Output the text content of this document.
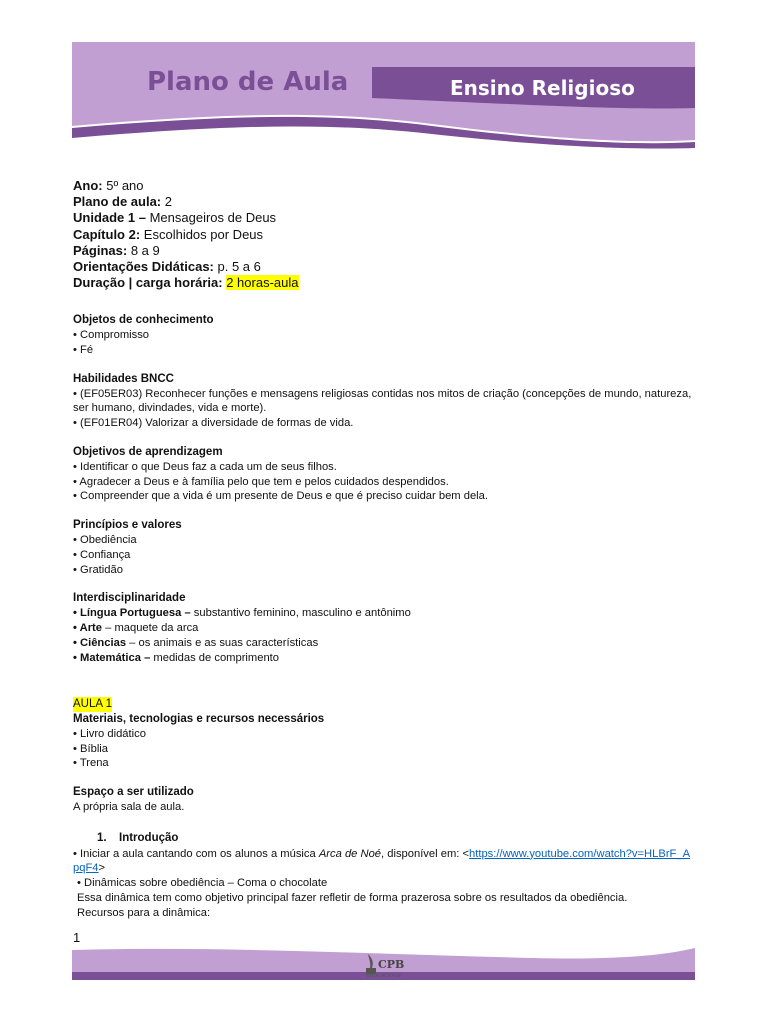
Plano de Aula	Ensino Religioso
Ano: 5º ano
Plano de aula: 2
Unidade 1 – Mensageiros de Deus
Capítulo 2: Escolhidos por Deus
Páginas: 8 a 9
Orientações Didáticas: p. 5 a 6
Duração | carga horária: 2 horas-aula
Objetos de conhecimento
• Compromisso
• Fé
Habilidades BNCC
• (EF05ER03) Reconhecer funções e mensagens religiosas contidas nos mitos de criação (concepções de mundo, natureza, ser humano, divindades, vida e morte).
• (EF01ER04) Valorizar a diversidade de formas de vida.
Objetivos de aprendizagem
• Identificar o que Deus faz a cada um de seus filhos.
• Agradecer a Deus e à família pelo que tem e pelos cuidados despendidos.
• Compreender que a vida é um presente de Deus e que é preciso cuidar bem dela.
Princípios e valores
• Obediência
• Confiança
• Gratidão
Interdisciplinaridade
• Língua Portuguesa – substantivo feminino, masculino e antônimo
• Arte – maquete da arca
• Ciências – os animais e as suas características
• Matemática – medidas de comprimento
AULA 1
Materiais, tecnologias e recursos necessários
• Livro didático
• Bíblia
• Trena
Espaço a ser utilizado
A própria sala de aula.
1. Introdução
• Iniciar a aula cantando com os alunos a música Arca de Noé, disponível em: <https://www.youtube.com/watch?v=HLBrF_ApqF4>
• Dinâmicas sobre obediência – Coma o chocolate
Essa dinâmica tem como objetivo principal fazer refletir de forma prazerosa sobre os resultados da obediência.
Recursos para a dinâmica:
1
CPB
educacional
